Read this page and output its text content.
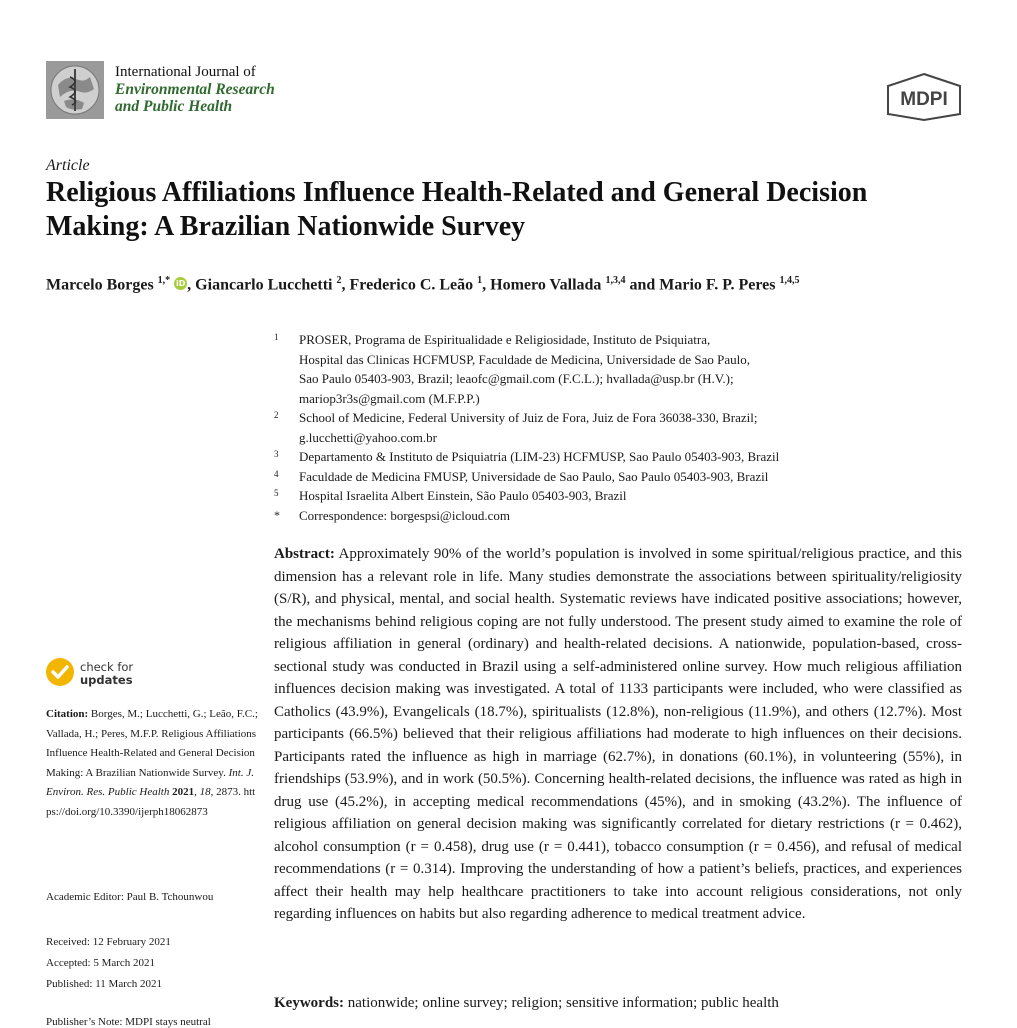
International Journal of
Environmental Research
and Public Health	MDPI
Article
Religious Affiliations Influence Health-Related and General Decision Making: A Brazilian Nationwide Survey
Marcelo Borges $^{1,*}$ iD , Giancarlo Lucchetti $^2$, Frederico C. Leão $^1$, Homero Vallada $^{1,3,4}$ and Mario F. P. Peres $^{1,4,5}$
1	PROSER, Programa de Espiritualidade e Religiosidade, Instituto de Psiquiatra,
Hospital das Clinicas HCFMUSP, Faculdade de Medicina, Universidade de Sao Paulo,
Sao Paulo 05403-903, Brazil; leaofc@gmail.com (F.C.L.); hvallada@usp.br (H.V.);
mariop3r3s@gmail.com (M.F.P.P.)
2	School of Medicine, Federal University of Juiz de Fora, Juiz de Fora 36038-330, Brazil;
g.lucchetti@yahoo.com.br
3	Departamento & Instituto de Psiquiatria (LIM-23) HCFMUSP, Sao Paulo 05403-903, Brazil
4	Faculdade de Medicina FMUSP, Universidade de Sao Paulo, Sao Paulo 05403-903, Brazil
5	Hospital Israelita Albert Einstein, São Paulo 05403-903, Brazil
*	Correspondence: borgespsi@icloud.com
Abstract: Approximately 90% of the world’s population is involved in some spiritual/religious practice, and this dimension has a relevant role in life. Many studies demonstrate the associations between spirituality/religiosity (S/R), and physical, mental, and social health. Systematic reviews have indicated positive associations; however, the mechanisms behind religious coping are not fully understood. The present study aimed to examine the role of religious affiliation in general (ordinary) and health-related decisions. A nationwide, population-based, cross-sectional study was conducted in Brazil using a self-administered online survey. How much religious affiliation influences decision making was investigated. A total of 1133 participants were included, who were classified as Catholics (43.9%), Evangelicals (18.7%), spiritualists (12.8%), non-religious (11.9%), and others (12.7%). Most participants (66.5%) believed that their religious affiliations had moderate to high influences on their decisions. Participants rated the influence as high in marriage (62.7%), in donations (60.1%), in volunteering (55%), in friendships (53.9%), and in work (50.5%). Concerning health-related decisions, the influence was rated as high in drug use (45.2%), in accepting medical recommendations (45%), and in smoking (43.2%). The influence of religious affiliation on general decision making was significantly correlated for dietary restrictions (r = 0.462), alcohol consumption (r = 0.458), drug use (r = 0.441), tobacco consumption (r = 0.456), and refusal of medical recommendations (r = 0.314). Improving the understanding of how a patient’s beliefs, practices, and experiences affect their health may help healthcare practitioners to take into account religious considerations, not only regarding influences on habits but also regarding adherence to medical treatment advice.
Keywords: nationwide; online survey; religion; sensitive information; public health
check for
updates
Citation: Borges, M.; Lucchetti, G.; Leão, F.C.; Vallada, H.; Peres, M.F.P. Religious Affiliations Influence Health-Related and General Decision Making: A Brazilian Nationwide Survey. Int. J. Environ. Res. Public Health 2021, 18, 2873. https://doi.org/10.3390/ijerph18062873
Academic Editor: Paul B. Tchounwou
Received: 12 February 2021
Accepted: 5 March 2021
Published: 11 March 2021
Publisher’s Note: MDPI stays neutral
